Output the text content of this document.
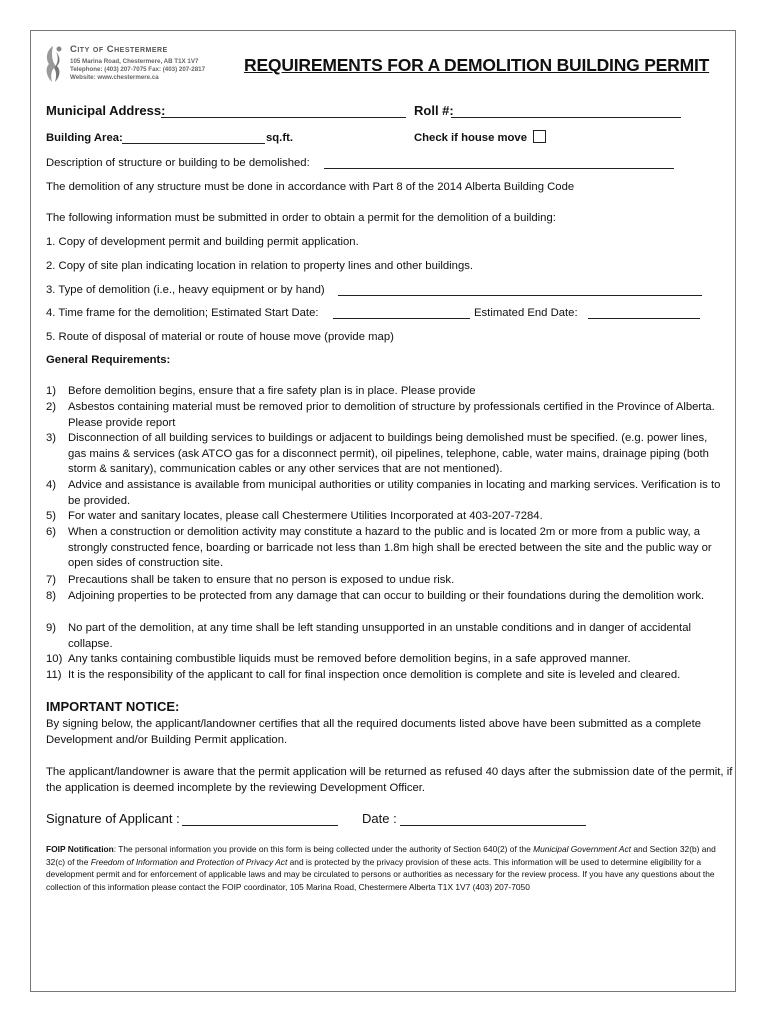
City of Chestermere
105 Marina Road, Chestermere, AB T1X 1V7
Telephone: (403) 207-7075 Fax: (403) 207-2817
Website: www.chestermere.ca
REQUIREMENTS FOR A DEMOLITION BUILDING PERMIT
Municipal Address:	Roll #:
Building Area:	sq.ft.	Check if house move
Description of structure or building to be demolished:
The demolition of any structure must be done in accordance with Part 8 of the 2014 Alberta Building Code
The following information must be submitted in order to obtain a permit for the demolition of a building:
1. Copy of development permit and building permit application.
2. Copy of site plan indicating location in relation to property lines and other buildings.
3. Type of demolition (i.e., heavy equipment or by hand)
4. Time frame for the demolition; Estimated Start Date:	Estimated End Date:
5. Route of disposal of material or route of house move (provide map)
General Requirements:
1) Before demolition begins, ensure that a fire safety plan is in place. Please provide
2) Asbestos containing material must be removed prior to demolition of structure by professionals certified in the Province of Alberta. Please provide report
3) Disconnection of all building services to buildings or adjacent to buildings being demolished must be specified. (e.g. power lines, gas mains & services (ask ATCO gas for a disconnect permit), oil pipelines, telephone, cable, water mains, drainage piping (both storm & sanitary), communication cables or any other services that are not mentioned).
4) Advice and assistance is available from municipal authorities or utility companies in locating and marking services. Verification is to be provided.
5) For water and sanitary locates, please call Chestermere Utilities Incorporated at 403-207-7284.
6) When a construction or demolition activity may constitute a hazard to the public and is located 2m or more from a public way, a strongly constructed fence, boarding or barricade not less than 1.8m high shall be erected between the site and the public way or open sides of construction site.
7) Precautions shall be taken to ensure that no person is exposed to undue risk.
8) Adjoining properties to be protected from any damage that can occur to building or their foundations during the demolition work.
9) No part of the demolition, at any time shall be left standing unsupported in an unstable conditions and in danger of accidental collapse.
10) Any tanks containing combustible liquids must be removed before demolition begins, in a safe approved manner.
11) It is the responsibility of the applicant to call for final inspection once demolition is complete and site is leveled and cleared.
IMPORTANT NOTICE:
By signing below, the applicant/landowner certifies that all the required documents listed above have been submitted as a complete Development and/or Building Permit application.
The applicant/landowner is aware that the permit application will be returned as refused 40 days after the submission date of the permit, if the application is deemed incomplete by the reviewing Development Officer.
Signature of Applicant :	Date :
FOIP Notification: The personal information you provide on this form is being collected under the authority of Section 640(2) of the Municipal Government Act and Section 32(b) and 32(c) of the Freedom of Information and Protection of Privacy Act and is protected by the privacy provision of these acts. This information will be used to determine eligibility for a development permit and for enforcement of applicable laws and may be circulated to persons or authorities as necessary for the review process. If you have any questions about the collection of this information please contact the FOIP coordinator, 105 Marina Road, Chestermere Alberta T1X 1V7 (403) 207-7050
